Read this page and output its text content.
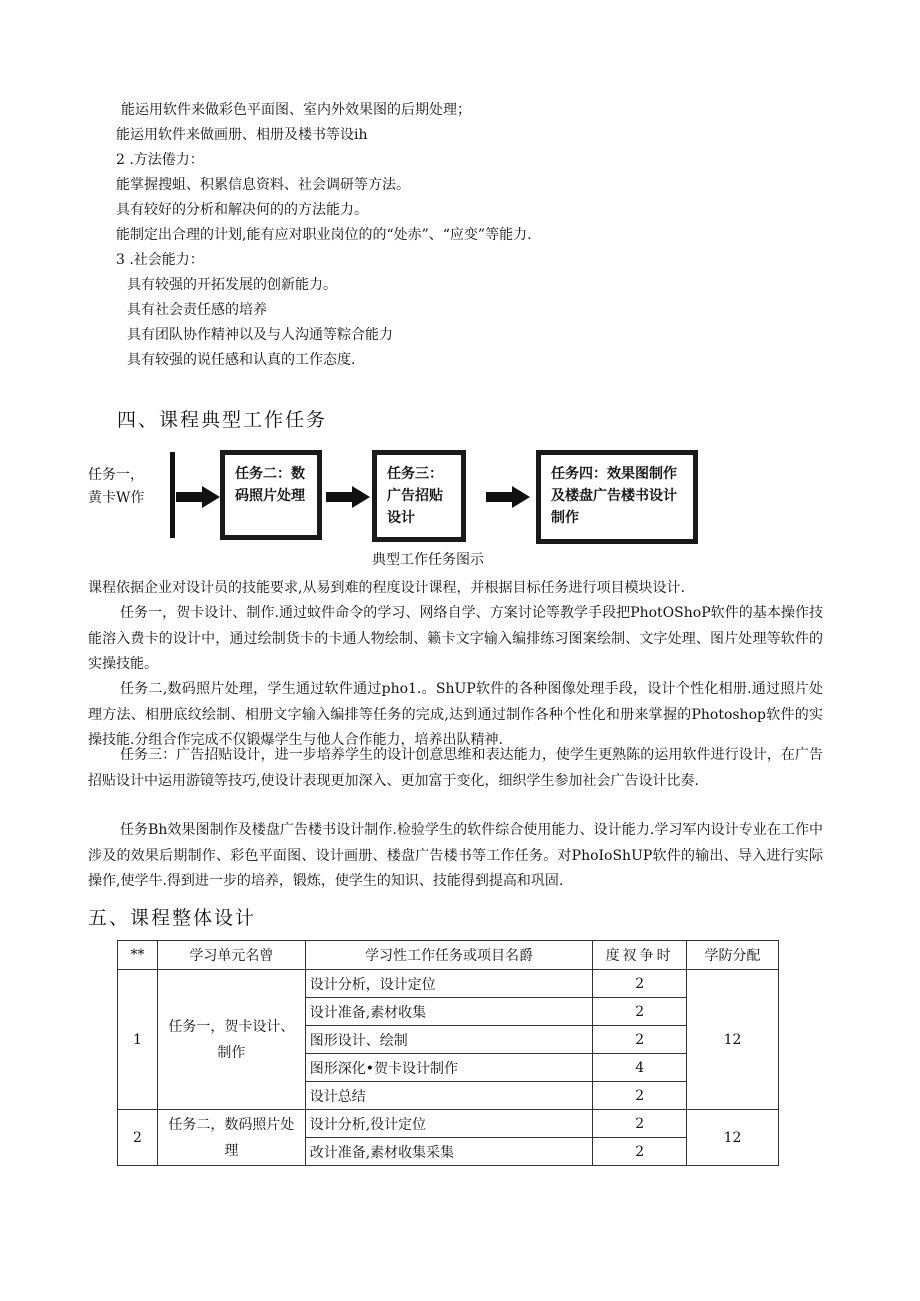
能运用软件来做彩色平面图、室内外效果图的后期处理；
能运用软件来做画册、相册及楼书等设ih
2 .方法倦力：
能掌握搜蛆、积累信息资料、社会调研等方法。
具有较好的分析和解决何的的方法能力。
能制定出合理的计划,能有应对职业岗位的的“处赤”、“应变”等能力.
3 .社会能力：
具有较强的开拓发展的创新能力。
具有社会责任感的培养
具有团队协作精神以及与人沟通等粽合能力
具有较强的说任感和认真的工作态度.
四、课程典型工作任务
任务一，
黄卡W作
任务二：数码照片处理
任务三：广告招贴设计
任务四：效果图制作及楼盘广告楼书设计制作
典型工作任务图示
课程依据企业对设计员的技能要求,从易到难的程度设计课程，并根据目标任务进行项目模块设计.
任务一，贺卡设计、制作.通过蚊件命令的学习、网络自学、方案讨论等教学手段把PhotOShoP软件的基本操作技能溶入费卡的设计中，通过绘制货卡的卡通人物绘制、籁卡文字输入编排练习图案绘制、文字处理、图片处理等软件的实操技能。
任务二,数码照片处理，学生通过软件通过pho1.。ShUP软件的各种图像处理手段，设计个性化相册.通过照片处理方法、相册底纹绘制、相册文字输入编排等任务的完成,达到通过制作各种个性化和册来掌握的Photoshop软件的实操技能.分组合作完成不仅锻爆学生与他人合作能力，培养出队精神.
任务三：广告招贴设计，进一步培养学生的设计创意思维和表达能力，使学生更熟陈的运用软件进行设计，在广告招贴设计中运用游镜等技巧,使设计表现更加深入、更加富于变化，细织学生参加社会广告设计比奏.
任务Bh效果图制作及楼盘广告楼书设计制作.检验学生的软件综合使用能力、设计能力.学习军内设计专业在工作中涉及的效果后期制作、彩色平面图、设计画册、楼盘广告楼书等工作任务。对PhoIoShUP软件的输出、导入进行实际操作,使学牛.得到进一步的培养，锻炼，使学生的知识、技能得到提高和巩固.
五、课程整体设计
**	学习单元名曾	学习性工作任务或项目名爵	度衩争时	学防分配
1	任务一，贺卡设计、制作	设计分析，设计定位	2	12
		设计准备,素材收集	2	
		图形设计、绘制	2	
		图形深化•贺卡设计制作	4	
		设计总结	2	
2	任务二，数码照片处理	设计分析,役计定位	2	12
		改计准备,素材收集采集	2	
